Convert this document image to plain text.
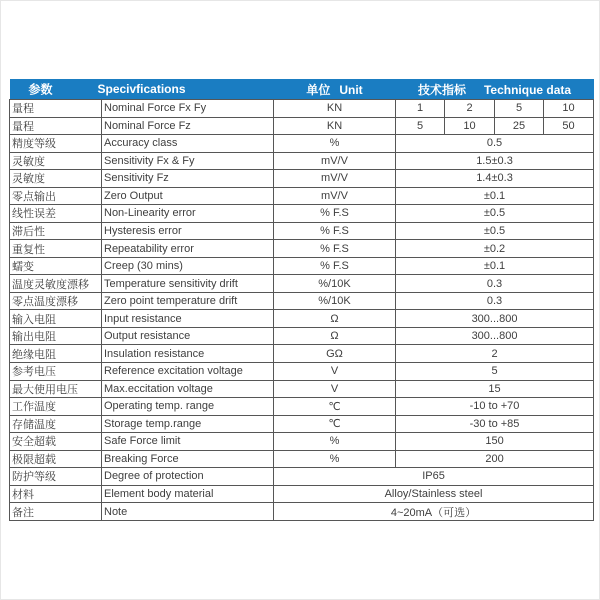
参数 Specivfications		单位 Unit	技术指标 Technique data			
量程	Nominal Force Fx Fy	KN	1	2	5	10
量程	Nominal Force Fz	KN	5	10	25	50
精度等级	Accuracy class	%	0.5			
灵敏度	Sensitivity Fx & Fy	mV/V	1.5±0.3			
灵敏度	Sensitivity Fz	mV/V	1.4±0.3			
零点输出	Zero Output	mV/V	±0.1			
线性误差	Non-Linearity error	% F.S	±0.5			
滞后性	Hysteresis error	% F.S	±0.5			
重复性	Repeatability error	% F.S	±0.2			
蠕变	Creep (30 mins)	% F.S	±0.1			
温度灵敏度漂移	Temperature sensitivity drift	%/10K	0.3			
零点温度漂移	Zero point temperature drift	%/10K	0.3			
输入电阻	Input resistance	Ω	300...800			
输出电阻	Output resistance	Ω	300...800			
绝缘电阻	Insulation resistance	GΩ	2			
参考电压	Reference excitation voltage	V	5			
最大使用电压	Max.eccitation voltage	V	15			
工作温度	Operating temp. range	℃	-10 to +70			
存储温度	Storage temp.range	℃	-30 to +85			
安全超载	Safe Force limit	%	150			
极限超载	Breaking Force	%	200			
防护等级	Degree of protection	IP65				
材料	Element body material	Alloy/Stainless steel				
备注	Note	4~20mA（可选）				
